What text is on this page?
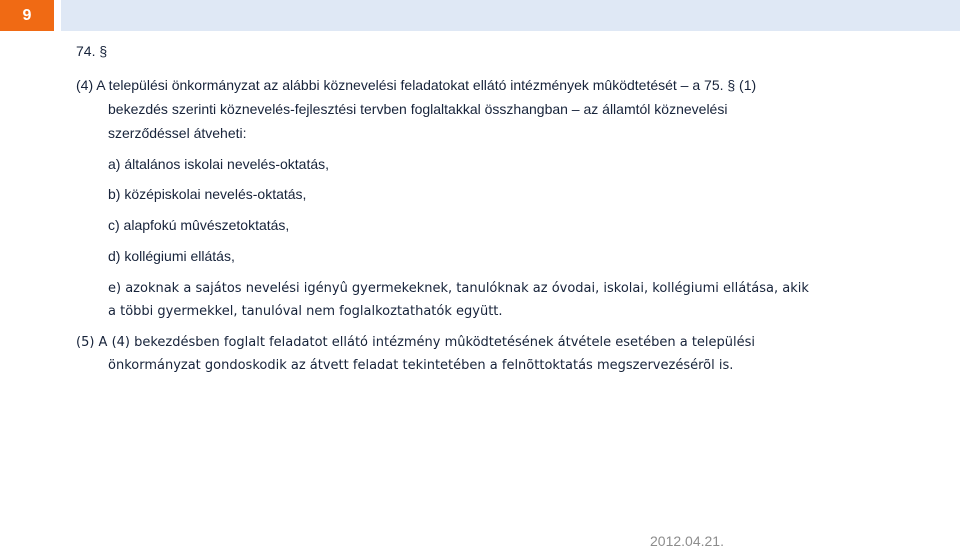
9
74. §
(4) A települési önkormányzat az alábbi köznevelési feladatokat ellátó intézmények mûködtetését – a 75. § (1)
bekezdés szerinti köznevelés-fejlesztési tervben foglaltakkal összhangban – az államtól köznevelési
szerződéssel átveheti:
a) általános iskolai nevelés-oktatás,
b) középiskolai nevelés-oktatás,
c) alapfokú mûvészetoktatás,
d) kollégiumi ellátás,
e) azoknak a sajátos nevelési igényû gyermekeknek, tanulóknak az óvodai, iskolai, kollégiumi ellátása, akik
a többi gyermekkel, tanulóval nem foglalkoztathatók együtt.
(5) A (4) bekezdésben foglalt feladatot ellátó intézmény mûködtetésének átvétele esetében a települési
önkormányzat gondoskodik az átvett feladat tekintetében a felnõttoktatás megszervezésérõl is.
2012.04.21.
